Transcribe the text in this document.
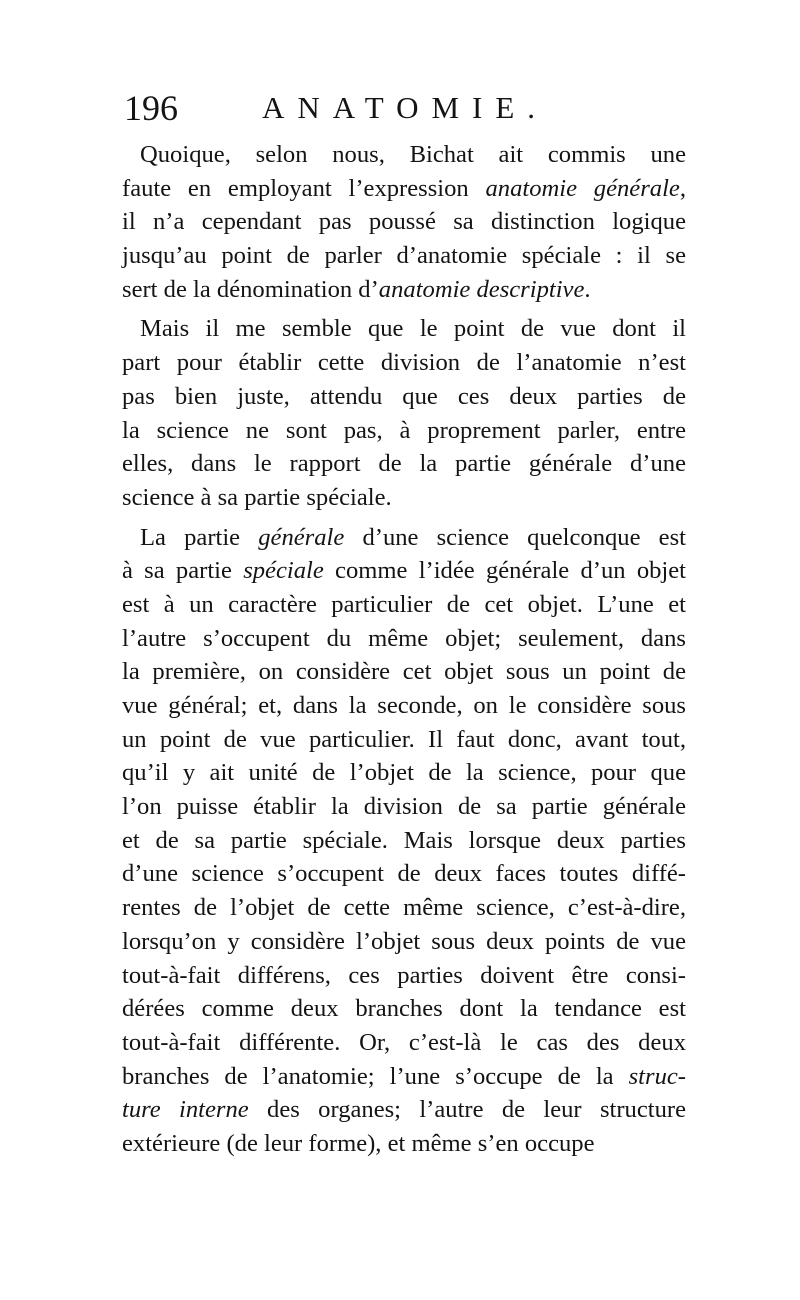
196	ANATOMIE.
Quoique, selon nous, Bichat ait commis une
faute en employant l’expression anatomie générale,
il n’a cependant pas poussé sa distinction logique
jusqu’au point de parler d’anatomie spéciale : il se
sert de la dénomination d’anatomie descriptive.
Mais il me semble que le point de vue dont il
part pour établir cette division de l’anatomie n’est
pas bien juste, attendu que ces deux parties de
la science ne sont pas, à proprement parler, entre
elles, dans le rapport de la partie générale d’une
science à sa partie spéciale.
La partie générale d’une science quelconque est
à sa partie spéciale comme l’idée générale d’un objet
est à un caractère particulier de cet objet. L’une et
l’autre s’occupent du même objet; seulement, dans
la première, on considère cet objet sous un point de
vue général; et, dans la seconde, on le considère sous
un point de vue particulier. Il faut donc, avant tout,
qu’il y ait unité de l’objet de la science, pour que
l’on puisse établir la division de sa partie générale
et de sa partie spéciale. Mais lorsque deux parties
d’une science s’occupent de deux faces toutes diffé-
rentes de l’objet de cette même science, c’est-à-dire,
lorsqu’on y considère l’objet sous deux points de vue
tout-à-fait différens, ces parties doivent être consi-
dérées comme deux branches dont la tendance est
tout-à-fait différente. Or, c’est-là le cas des deux
branches de l’anatomie; l’une s’occupe de la struc-
ture interne des organes; l’autre de leur structure
extérieure (de leur forme), et même s’en occupe
